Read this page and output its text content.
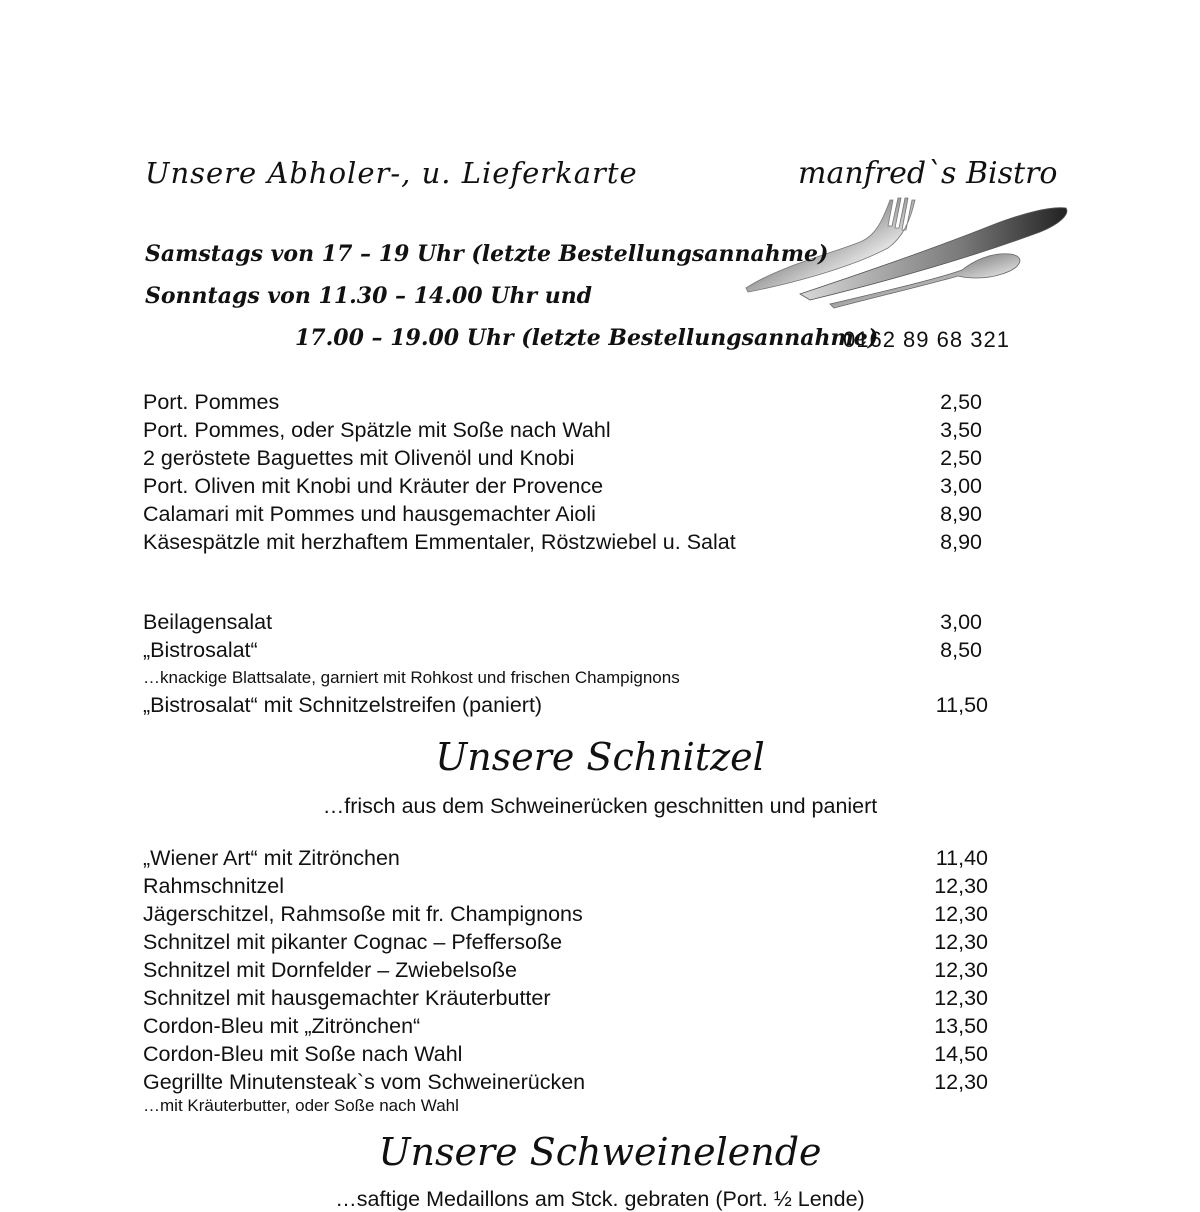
Unsere Abholer-, u. Lieferkarte	manfred`s Bistro
Samstags von 17 – 19 Uhr (letzte Bestellungsannahme)
Sonntags von 11.30 – 14.00 Uhr und
17.00 – 19.00 Uhr (letzte Bestellungsannahme)
0162 89 68 321
Port. Pommes	2,50
Port. Pommes, oder Spätzle mit Soße nach Wahl	3,50
2 geröstete Baguettes mit Olivenöl und Knobi	2,50
Port. Oliven mit Knobi und Kräuter der Provence	3,00
Calamari mit Pommes und hausgemachter Aioli	8,90
Käsespätzle mit herzhaftem Emmentaler, Röstzwiebel u. Salat	8,90
Beilagensalat	3,00
„Bistrosalat“	8,50
…knackige Blattsalate, garniert mit Rohkost und frischen Champignons
„Bistrosalat“ mit Schnitzelstreifen (paniert)	11,50
Unsere Schnitzel
…frisch aus dem Schweinerücken geschnitten und paniert
„Wiener Art“ mit Zitrönchen	11,40
Rahmschnitzel	12,30
Jägerschitzel, Rahmsoße mit fr. Champignons	12,30
Schnitzel mit pikanter Cognac – Pfeffersoße	12,30
Schnitzel mit Dornfelder – Zwiebelsoße	12,30
Schnitzel mit hausgemachter Kräuterbutter	12,30
Cordon-Bleu mit „Zitrönchen“	13,50
Cordon-Bleu mit Soße nach Wahl	14,50
Gegrillte Minutensteak`s vom Schweinerücken	12,30
…mit Kräuterbutter, oder Soße nach Wahl
Unsere Schweinelende
…saftige Medaillons am Stck. gebraten (Port. ½ Lende)
